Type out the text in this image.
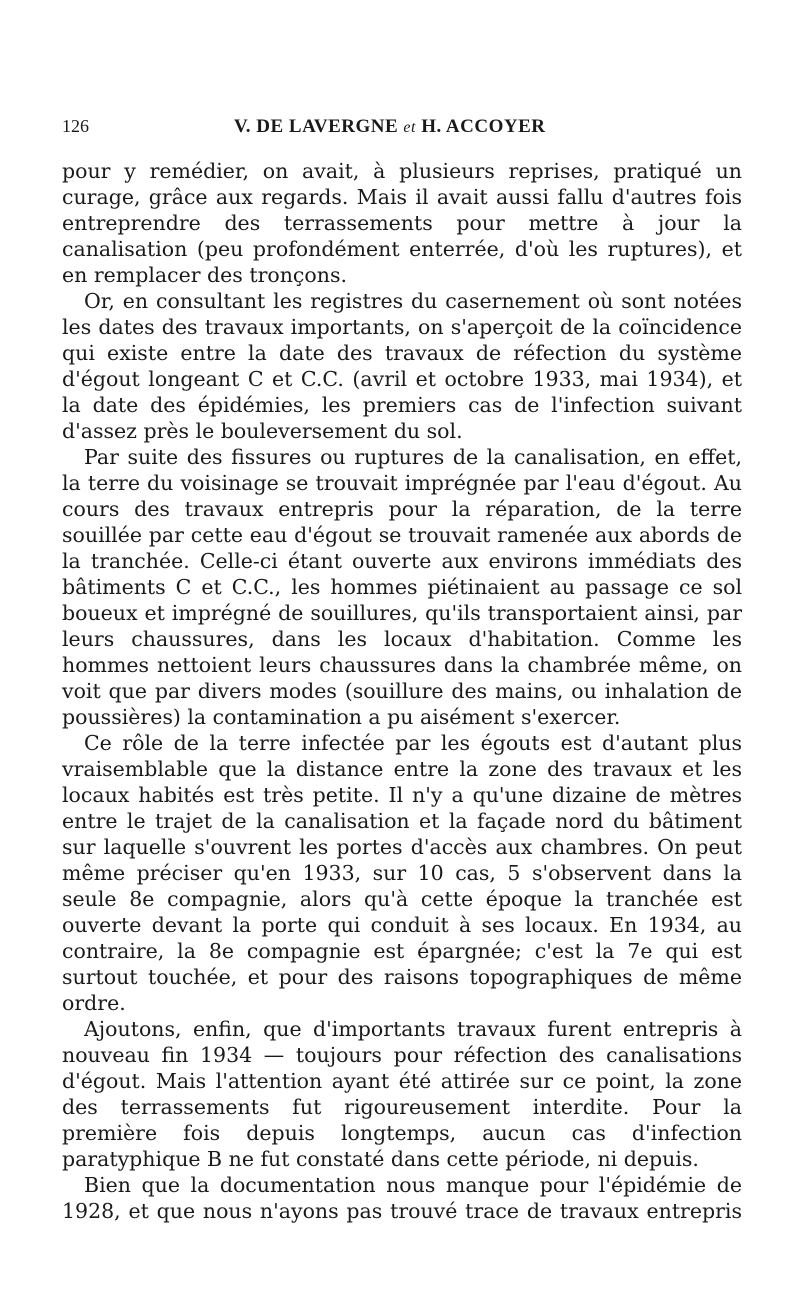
126	V. DE LAVERGNE et H. ACCOYER

pour y remédier, on avait, à plusieurs reprises, pratiqué un curage, grâce aux regards. Mais il avait aussi fallu d'autres fois entreprendre des terrassements pour mettre à jour la canalisation (peu profondément enterrée, d'où les ruptures), et en remplacer des tronçons.

Or, en consultant les registres du casernement où sont notées les dates des travaux importants, on s'aperçoit de la coïncidence qui existe entre la date des travaux de réfection du système d'égout longeant C et C.C. (avril et octobre 1933, mai 1934), et la date des épidémies, les premiers cas de l'infection suivant d'assez près le bouleversement du sol.

Par suite des fissures ou ruptures de la canalisation, en effet, la terre du voisinage se trouvait imprégnée par l'eau d'égout. Au cours des travaux entrepris pour la réparation, de la terre souillée par cette eau d'égout se trouvait ramenée aux abords de la tranchée. Celle-ci étant ouverte aux environs immédiats des bâtiments C et C.C., les hommes piétinaient au passage ce sol boueux et imprégné de souillures, qu'ils transportaient ainsi, par leurs chaussures, dans les locaux d'habitation. Comme les hommes nettoient leurs chaussures dans la chambrée même, on voit que par divers modes (souillure des mains, ou inhalation de poussières) la contamination a pu aisément s'exercer.

Ce rôle de la terre infectée par les égouts est d'autant plus vraisemblable que la distance entre la zone des travaux et les locaux habités est très petite. Il n'y a qu'une dizaine de mètres entre le trajet de la canalisation et la façade nord du bâtiment sur laquelle s'ouvrent les portes d'accès aux chambres. On peut même préciser qu'en 1933, sur 10 cas, 5 s'observent dans la seule 8e compagnie, alors qu'à cette époque la tranchée est ouverte devant la porte qui conduit à ses locaux. En 1934, au contraire, la 8e compagnie est épargnée; c'est la 7e qui est surtout touchée, et pour des raisons topographiques de même ordre.

Ajoutons, enfin, que d'importants travaux furent entrepris à nouveau fin 1934 — toujours pour réfection des canalisations d'égout. Mais l'attention ayant été attirée sur ce point, la zone des terrassements fut rigoureusement interdite. Pour la première fois depuis longtemps, aucun cas d'infection paratyphique B ne fut constaté dans cette période, ni depuis.

Bien que la documentation nous manque pour l'épidémie de 1928, et que nous n'ayons pas trouvé trace de travaux entrepris
